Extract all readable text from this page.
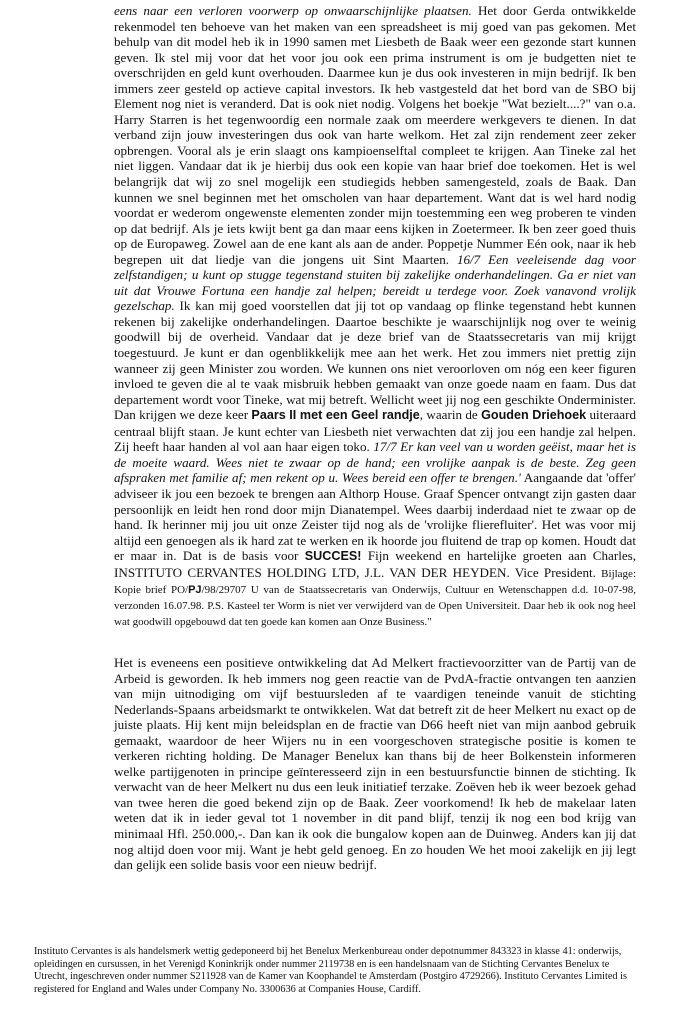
eens naar een verloren voorwerp op onwaarschijnlijke plaatsen. Het door Gerda ontwikkelde rekenmodel ten behoeve van het maken van een spreadsheet is mij goed van pas gekomen. Met behulp van dit model heb ik in 1990 samen met Liesbeth de Baak weer een gezonde start kunnen geven. Ik stel mij voor dat het voor jou ook een prima instrument is om je budgetten niet te overschrijden en geld kunt overhouden. Daarmee kun je dus ook investeren in mijn bedrijf. Ik ben immers zeer gesteld op actieve capital investors. Ik heb vastgesteld dat het bord van de SBO bij Element nog niet is veranderd. Dat is ook niet nodig. Volgens het boekje "Wat bezielt....?" van o.a. Harry Starren is het tegenwoordig een normale zaak om meerdere werkgevers te dienen. In dat verband zijn jouw investeringen dus ook van harte welkom. Het zal zijn rendement zeer zeker opbrengen. Vooral als je erin slaagt ons kampioenselftal compleet te krijgen. Aan Tineke zal het niet liggen. Vandaar dat ik je hierbij dus ook een kopie van haar brief doe toekomen. Het is wel belangrijk dat wij zo snel mogelijk een studiegids hebben samengesteld, zoals de Baak. Dan kunnen we snel beginnen met het omscholen van haar departement. Want dat is wel hard nodig voordat er wederom ongewenste elementen zonder mijn toestemming een weg proberen te vinden op dat bedrijf. Als je iets kwijt bent ga dan maar eens kijken in Zoetermeer. Ik ben zeer goed thuis op de Europaweg. Zowel aan de ene kant als aan de ander. Poppetje Nummer Eén ook, naar ik heb begrepen uit dat liedje van die jongens uit Sint Maarten. 16/7 Een veeleisende dag voor zelfstandigen; u kunt op stugge tegenstand stuiten bij zakelijke onderhandelingen. Ga er niet van uit dat Vrouwe Fortuna een handje zal helpen; bereidt u terdege voor. Zoek vanavond vrolijk gezelschap. Ik kan mij goed voorstellen dat jij tot op vandaag op flinke tegenstand hebt kunnen rekenen bij zakelijke onderhandelingen. Daartoe beschikte je waarschijnlijk nog over te weinig goodwill bij de overheid. Vandaar dat je deze brief van de Staatssecretaris van mij krijgt toegestuurd. Je kunt er dan ogenblikkelijk mee aan het werk. Het zou immers niet prettig zijn wanneer zij geen Minister zou worden. We kunnen ons niet veroorloven om nóg een keer figuren invloed te geven die al te vaak misbruik hebben gemaakt van onze goede naam en faam. Dus dat departement wordt voor Tineke, wat mij betreft. Wellicht weet jij nog een geschikte Onderminister. Dan krijgen we deze keer Paars II met een Geel randje, waarin de Gouden Driehoek uiteraard centraal blijft staan. Je kunt echter van Liesbeth niet verwachten dat zij jou een handje zal helpen. Zij heeft haar handen al vol aan haar eigen toko. 17/7 Er kan veel van u worden geëist, maar het is de moeite waard. Wees niet te zwaar op de hand; een vrolijke aanpak is de beste. Zeg geen afspraken met familie af; men rekent op u. Wees bereid een offer te brengen.' Aangaande dat 'offer' adviseer ik jou een bezoek te brengen aan Althorp House. Graaf Spencer ontvangt zijn gasten daar persoonlijk en leidt hen rond door mijn Dianatempel. Wees daarbij inderdaad niet te zwaar op de hand. Ik herinner mij jou uit onze Zeister tijd nog als de 'vrolijke flierefluiter'. Het was voor mij altijd een genoegen als ik hard zat te werken en ik hoorde jou fluitend de trap op komen. Houdt dat er maar in. Dat is de basis voor SUCCES! Fijn weekend en hartelijke groeten aan Charles, INSTITUTO CERVANTES HOLDING LTD, J.L. VAN DER HEYDEN. Vice President. Bijlage: Kopie brief PO/PJ/98/29707 U van de Staatssecretaris van Onderwijs, Cultuur en Wetenschappen d.d. 10-07-98, verzonden 16.07.98. P.S. Kasteel ter Worm is niet ver verwijderd van de Open Universiteit. Daar heb ik ook nog heel wat goodwill opgebouwd dat ten goede kan komen aan Onze Business."
Het is eveneens een positieve ontwikkeling dat Ad Melkert fractievoorzitter van de Partij van de Arbeid is geworden. Ik heb immers nog geen reactie van de PvdA-fractie ontvangen ten aanzien van mijn uitnodiging om vijf bestuursleden af te vaardigen teneinde vanuit de stichting Nederlands-Spaans arbeidsmarkt te ontwikkelen. Wat dat betreft zit de heer Melkert nu exact op de juiste plaats. Hij kent mijn beleidsplan en de fractie van D66 heeft niet van mijn aanbod gebruik gemaakt, waardoor de heer Wijers nu in een voorgeschoven strategische positie is komen te verkeren richting holding. De Manager Benelux kan thans bij de heer Bolkenstein informeren welke partijgenoten in principe geïnteresseerd zijn in een bestuursfunctie binnen de stichting. Ik verwacht van de heer Melkert nu dus een leuk initiatief terzake. Zoëven heb ik weer bezoek gehad van twee heren die goed bekend zijn op de Baak. Zeer voorkomend! Ik heb de makelaar laten weten dat ik in ieder geval tot 1 november in dit pand blijf, tenzij ik nog een bod krijg van minimaal Hfl. 250.000,-. Dan kan ik ook die bungalow kopen aan de Duinweg. Anders kan jij dat nog altijd doen voor mij. Want je hebt geld genoeg. En zo houden We het mooi zakelijk en jij legt dan gelijk een solide basis voor een nieuw bedrijf.
Instituto Cervantes is als handelsmerk wettig gedeponeerd bij het Benelux Merkenbureau onder depotnummer 843323 in klasse 41: onderwijs, opleidingen en cursussen, in het Verenigd Koninkrijk onder nummer 2119738 en is een handelsnaam van de Stichting Cervantes Benelux te Utrecht, ingeschreven onder nummer S211928 van de Kamer van Koophandel te Amsterdam (Postgiro 4729266). Instituto Cervantes Limited is registered for England and Wales under Company No. 3300636 at Companies House, Cardiff.
